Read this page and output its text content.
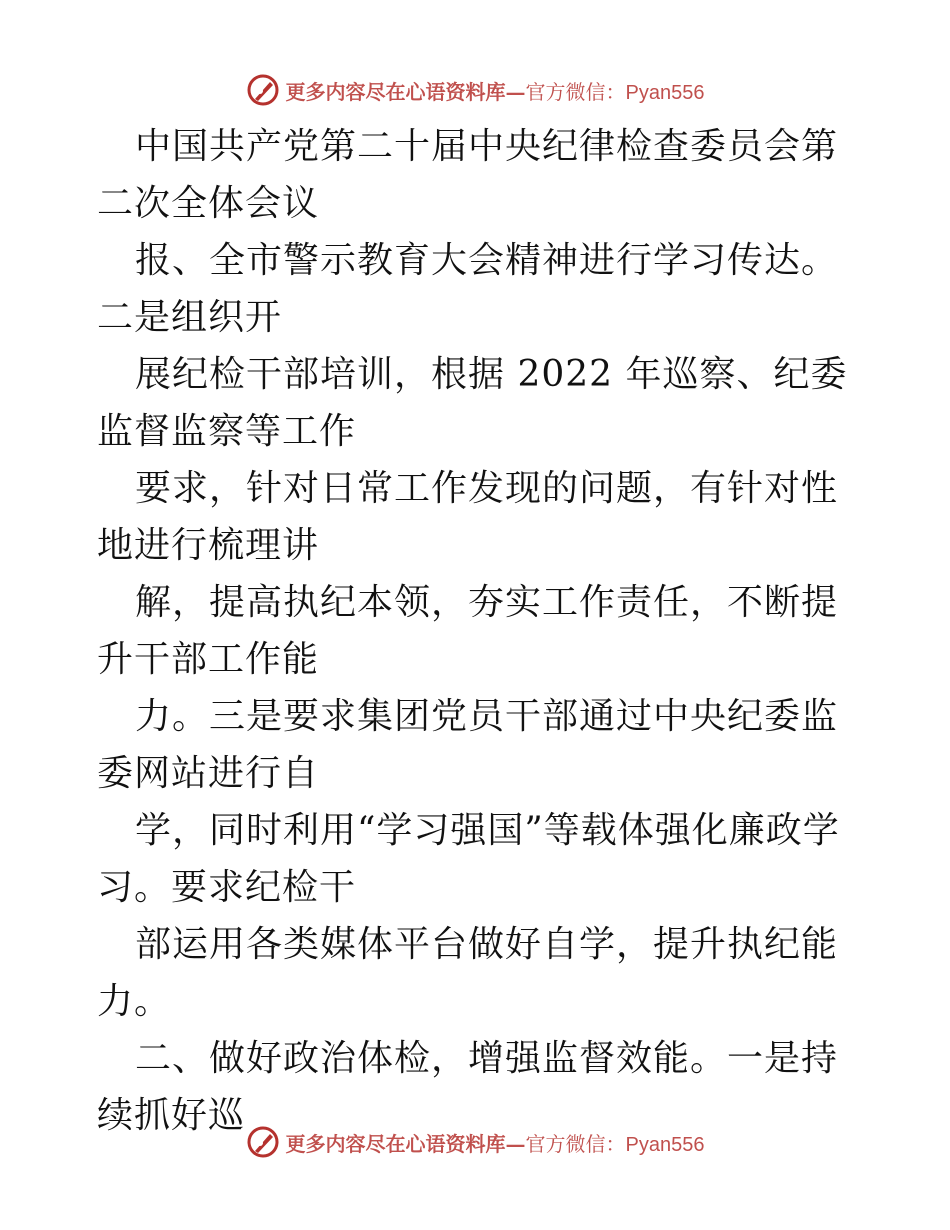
更多内容尽在心语资料库— 官方微信：Pyan556

中国共产党第二十届中央纪律检查委员会第二次全体会议

报、全市警示教育大会精神进行学习传达。二是组织开

展纪检干部培训，根据 2022 年巡察、纪委监督监察等工作

要求，针对日常工作发现的问题，有针对性地进行梳理讲

解，提高执纪本领，夯实工作责任，不断提升干部工作能

力。三是要求集团党员干部通过中央纪委监委网站进行自

学，同时利用“学习强国”等载体强化廉政学习。要求纪检干

部运用各类媒体平台做好自学，提升执纪能力。

二、做好政治体检，增强监督效能。一是持续抓好巡

更多内容尽在心语资料库— 官方微信：Pyan556
